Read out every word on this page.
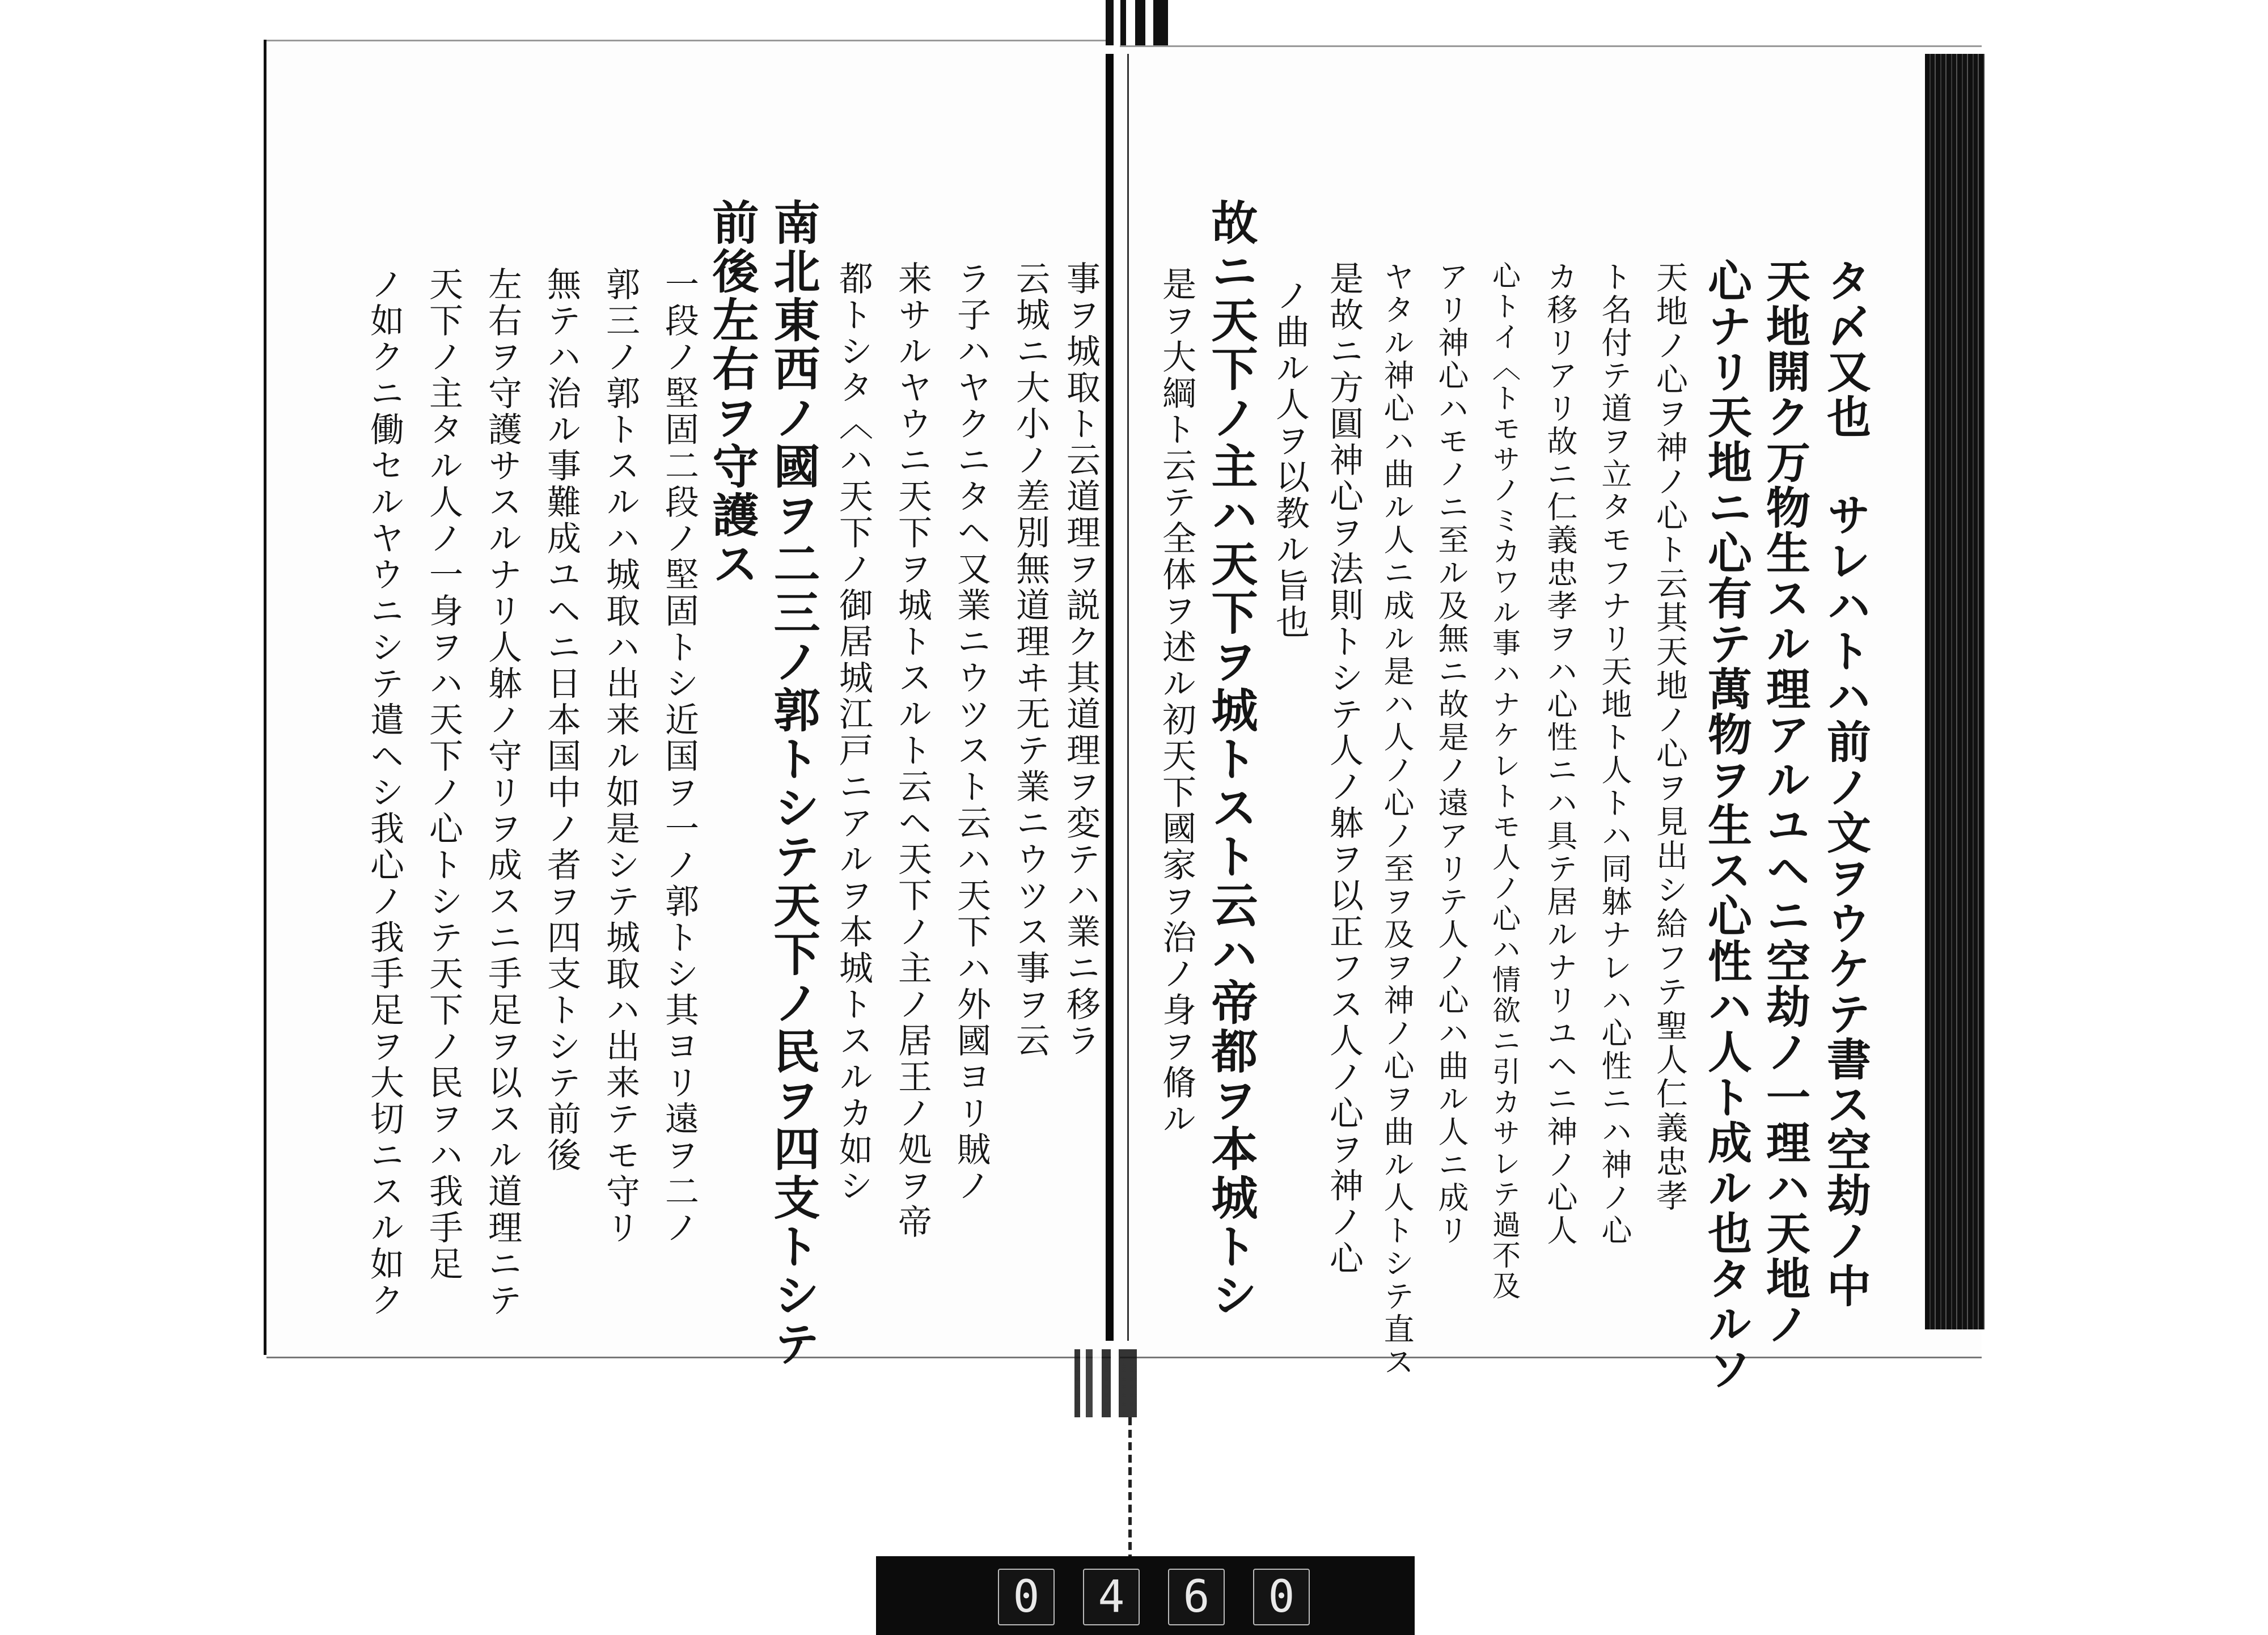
ノ如クニ働セルヤウニシテ遣ヘシ我心ノ我手足ヲ大切ニスル如ク 天下ノ主タル人ノ一身ヲハ天下ノ心トシテ天下ノ民ヲハ我手足 左右ヲ守護サスルナリ人躰ノ守リヲ成スニ手足ヲ以スル道理ニテ 無テハ治ル事難成ユヘニ日本国中ノ者ヲ四支トシテ前後 郭三ノ郭トスルハ城取ハ出来ル如是シテ城取ハ出来テモ守リ 一段ノ堅固二段ノ堅固トシ近国ヲ一ノ郭トシ其ヨリ遠ヲ二ノ 前後左右ヲ守護ス 南北東西ノ國ヲ二三ノ郭トシテ天下ノ民ヲ四支トシテ 都トシタ〈ハ天下ノ御居城江戸ニアルヲ本城トスルカ如シ 来サルヤウニ天下ヲ城トスルト云ヘ天下ノ主ノ居王ノ処ヲ帝 ラ子ハヤクニタヘ又業ニウツスト云ハ天下ハ外國ヨリ賊ノ 云城ニ大小ノ差別無道理ヰ无テ業ニウツス事ヲ云 事ヲ城取ト云道理ヲ説ク其道理ヲ変テハ業ニ移ラ 是ヲ大綱ト云テ全体ヲ述ル初天下國家ヲ治ノ身ヲ脩ル 故ニ天下ノ主ハ天下ヲ城トスト云ハ帝都ヲ本城トシ ノ曲ル人ヲ以教ル旨也 是故ニ方圓神心ヲ法則トシテ人ノ躰ヲ以正フス人ノ心ヲ神ノ心 ヤタル神心ハ曲ル人ニ成ル是ハ人ノ心ノ至ヲ及ヲ神ノ心ヲ曲ル人トシテ直ス アリ神心ハモノニ至ル及無ニ故是ノ遠アリテ人ノ心ハ曲ル人ニ成リ 心トイ〈トモサノミカワル事ハナケレトモ人ノ心ハ情欲ニ引カサレテ過不及 カ移リアリ故ニ仁義忠孝ヲハ心性ニハ具テ居ルナリユヘニ神ノ心人 ト名付テ道ヲ立タモフナリ天地ト人トハ同躰ナレハ心性ニハ神ノ心 天地ノ心ヲ神ノ心ト云其天地ノ心ヲ見出シ給フテ聖人仁義忠孝 心ナリ天地ニ心有テ萬物ヲ生ス心性ハ人ト成ル也タルソ 天地開ク万物生スル理アルユヘニ空劫ノ一理ハ天地ノ タ〆又也 サレハトハ前ノ文ヲウケテ書ス空劫ノ中
0	4	6	0
